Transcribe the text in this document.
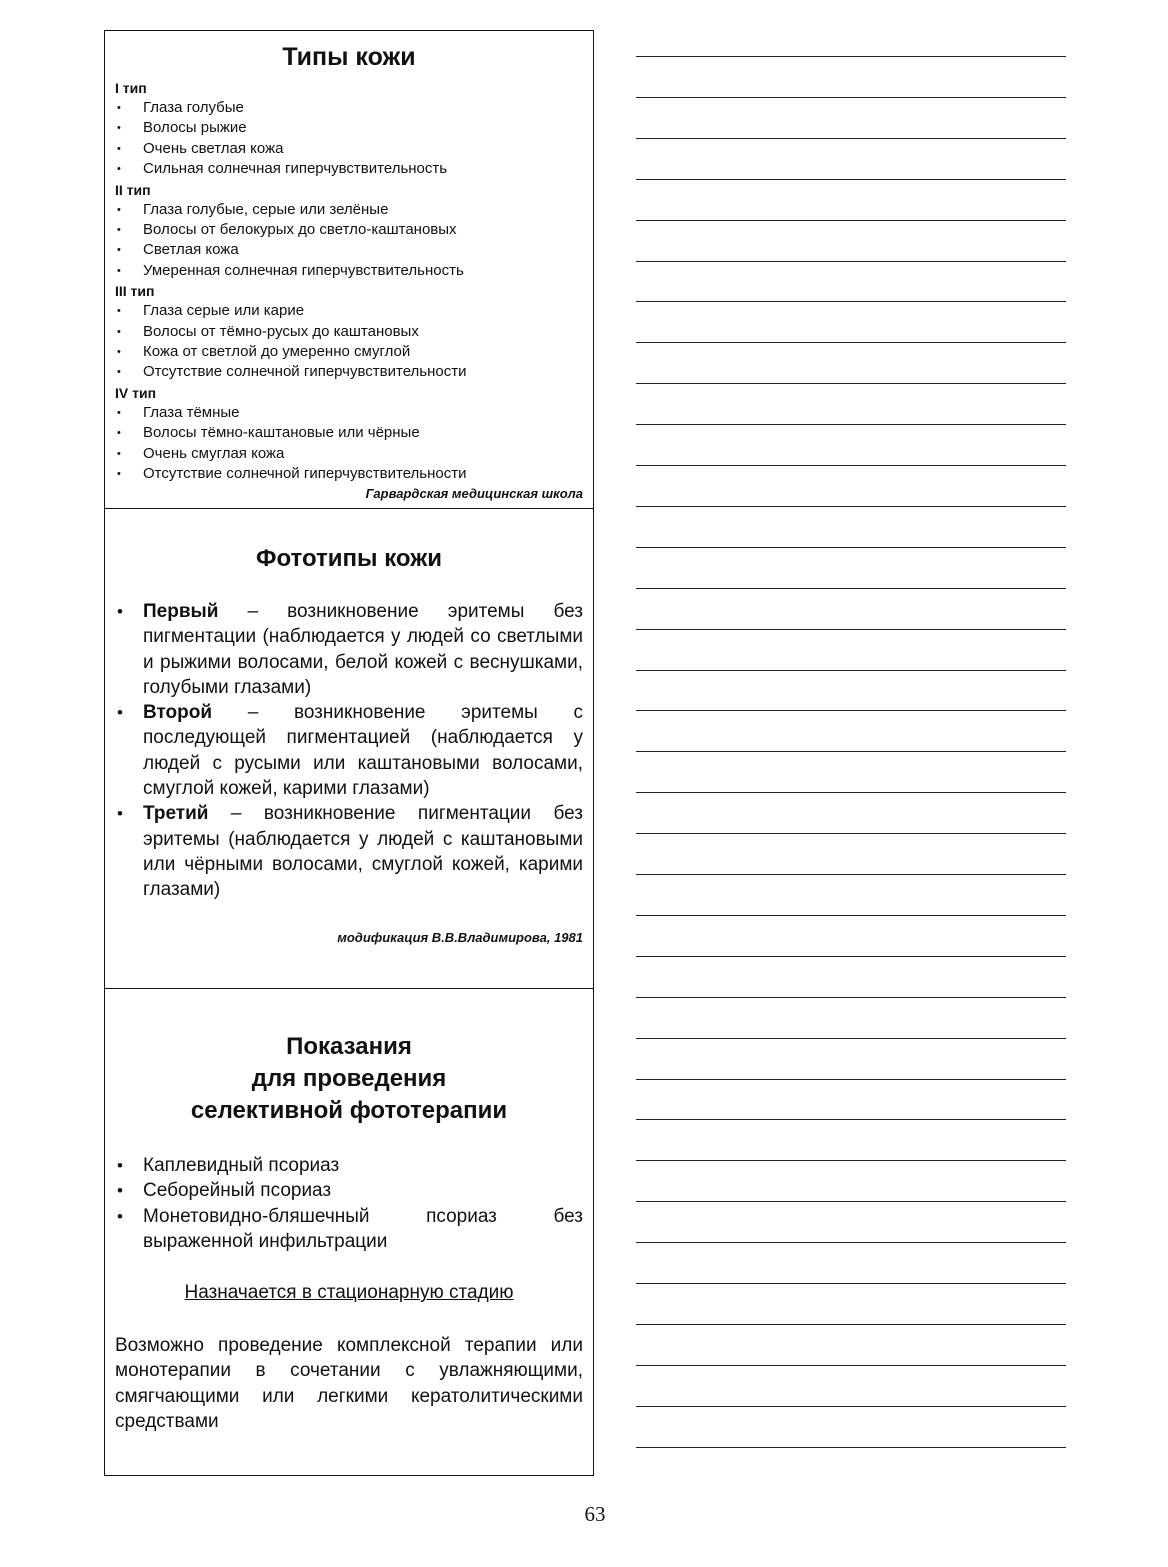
Типы кожи
I тип
• Глаза голубые
• Волосы рыжие
• Очень светлая кожа
• Сильная солнечная гиперчувствительность
II тип
• Глаза голубые, серые или зелёные
• Волосы от белокурых до светло-каштановых
• Светлая кожа
• Умеренная солнечная гиперчувствительность
III тип
• Глаза серые или карие
• Волосы от тёмно-русых до каштановых
• Кожа от светлой до умеренно смуглой
• Отсутствие солнечной гиперчувствительности
IV тип
• Глаза тёмные
• Волосы тёмно-каштановые или чёрные
• Очень смуглая кожа
• Отсутствие солнечной гиперчувствительности
Гарвардская медицинская школа
Фототипы кожи
• Первый – возникновение эритемы без пигментации (наблюдается у людей со светлыми и рыжими волосами, белой кожей с веснушками, голубыми глазами)
• Второй – возникновение эритемы с последующей пигментацией (наблюдается у людей с русыми или каштановыми волосами, смуглой кожей, карими глазами)
• Третий – возникновение пигментации без эритемы (наблюдается у людей с каштановыми или чёрными волосами, смуглой кожей, карими глазами)
модификация В.В.Владимирова, 1981
Показания
для проведения
селективной фототерапии
• Каплевидный псориаз
• Себорейный псориаз
• Монетовидно-бляшечный псориаз без выраженной инфильтрации
Назначается в стационарную стадию
Возможно проведение комплексной терапии или монотерапии в сочетании с увлажняющими, смягчающими или легкими кератолитическими средствами
63
